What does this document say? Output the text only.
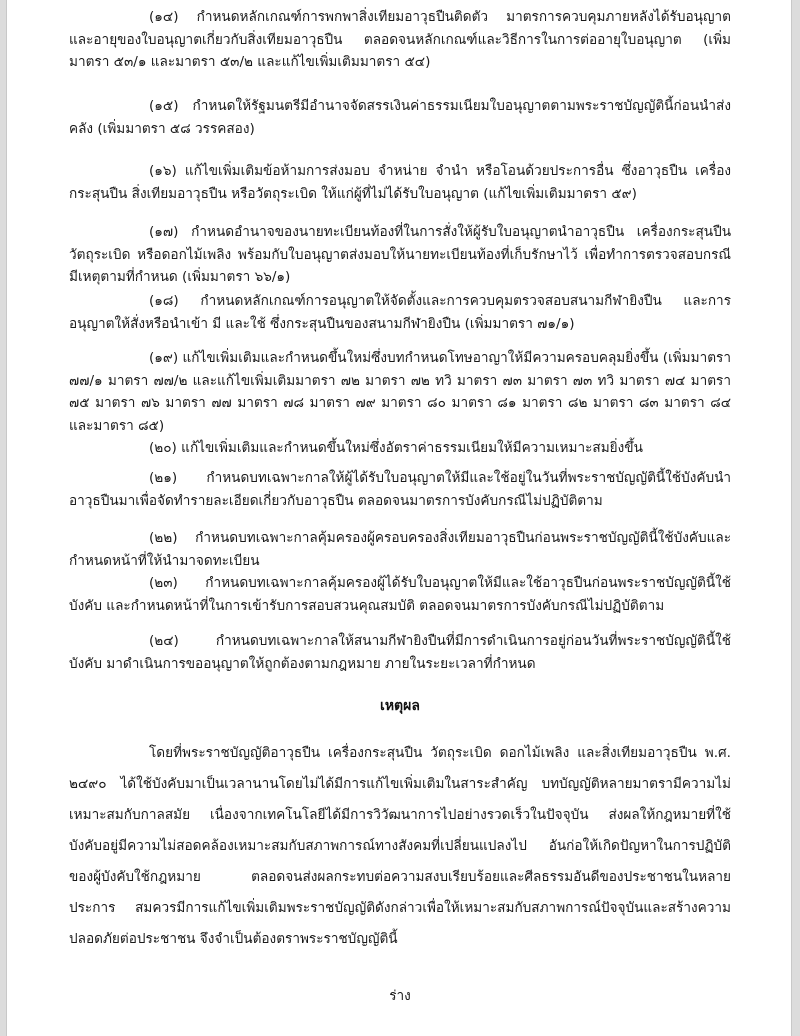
(๑๔) กำหนดหลักเกณฑ์การพกพาสิ่งเทียมอาวุธปืนติดตัว มาตรการควบคุมภายหลังได้รับอนุญาต และอายุของใบอนุญาตเกี่ยวกับสิ่งเทียมอาวุธปืน ตลอดจนหลักเกณฑ์และวิธีการในการต่ออายุใบอนุญาต (เพิ่มมาตรา ๕๓/๑ และมาตรา ๕๓/๒ และแก้ไขเพิ่มเติมมาตรา ๕๔)

(๑๕) กำหนดให้รัฐมนตรีมีอำนาจจัดสรรเงินค่าธรรมเนียมใบอนุญาตตามพระราชบัญญัตินี้ก่อนนำส่งคลัง (เพิ่มมาตรา ๕๘ วรรคสอง)

(๑๖) แก้ไขเพิ่มเติมข้อห้ามการส่งมอบ จำหน่าย จำนำ หรือโอนด้วยประการอื่น ซึ่งอาวุธปืน เครื่องกระสุนปืน สิ่งเทียมอาวุธปืน หรือวัตถุระเบิด ให้แก่ผู้ที่ไม่ได้รับใบอนุญาต (แก้ไขเพิ่มเติมมาตรา ๕๙)

(๑๗) กำหนดอำนาจของนายทะเบียนท้องที่ในการสั่งให้ผู้รับใบอนุญาตนำอาวุธปืน เครื่องกระสุนปืน วัตถุระเบิด หรือดอกไม้เพลิง พร้อมกับใบอนุญาตส่งมอบให้นายทะเบียนท้องที่เก็บรักษาไว้ เพื่อทำการตรวจสอบกรณีมีเหตุตามที่กำหนด (เพิ่มมาตรา ๖๖/๑)

(๑๘) กำหนดหลักเกณฑ์การอนุญาตให้จัดตั้งและการควบคุมตรวจสอบสนามกีฬายิงปืน และการอนุญาตให้สั่งหรือนำเข้า มี และใช้ ซึ่งกระสุนปืนของสนามกีฬายิงปืน (เพิ่มมาตรา ๗๑/๑)

(๑๙) แก้ไขเพิ่มเติมและกำหนดขึ้นใหม่ซึ่งบทกำหนดโทษอาญาให้มีความครอบคลุมยิ่งขึ้น (เพิ่มมาตรา ๗๗/๑ มาตรา ๗๗/๒ และแก้ไขเพิ่มเติมมาตรา ๗๒ มาตรา ๗๒ ทวิ มาตรา ๗๓ มาตรา ๗๓ ทวิ มาตรา ๗๔ มาตรา ๗๕ มาตรา ๗๖ มาตรา ๗๗ มาตรา ๗๘ มาตรา ๗๙ มาตรา ๘๐ มาตรา ๘๑ มาตรา ๘๒ มาตรา ๘๓ มาตรา ๘๔ และมาตรา ๘๕)

(๒๐) แก้ไขเพิ่มเติมและกำหนดขึ้นใหม่ซึ่งอัตราค่าธรรมเนียมให้มีความเหมาะสมยิ่งขึ้น

(๒๑) กำหนดบทเฉพาะกาลให้ผู้ได้รับใบอนุญาตให้มีและใช้อยู่ในวันที่พระราชบัญญัตินี้ใช้บังคับนำอาวุธปืนมาเพื่อจัดทำรายละเอียดเกี่ยวกับอาวุธปืน ตลอดจนมาตรการบังคับกรณีไม่ปฏิบัติตาม

(๒๒) กำหนดบทเฉพาะกาลคุ้มครองผู้ครอบครองสิ่งเทียมอาวุธปืนก่อนพระราชบัญญัตินี้ใช้บังคับและกำหนดหน้าที่ให้นำมาจดทะเบียน

(๒๓) กำหนดบทเฉพาะกาลคุ้มครองผู้ได้รับใบอนุญาตให้มีและใช้อาวุธปืนก่อนพระราชบัญญัตินี้ใช้บังคับ และกำหนดหน้าที่ในการเข้ารับการสอบสวนคุณสมบัติ ตลอดจนมาตรการบังคับกรณีไม่ปฏิบัติตาม

(๒๔) กำหนดบทเฉพาะกาลให้สนามกีฬายิงปืนที่มีการดำเนินการอยู่ก่อนวันที่พระราชบัญญัตินี้ใช้บังคับ มาดำเนินการขออนุญาตให้ถูกต้องตามกฎหมาย ภายในระยะเวลาที่กำหนด

เหตุผล

โดยที่พระราชบัญญัติอาวุธปืน เครื่องกระสุนปืน วัตถุระเบิด ดอกไม้เพลิง และสิ่งเทียมอาวุธปืน พ.ศ. ๒๔๙๐ ได้ใช้บังคับมาเป็นเวลานานโดยไม่ได้มีการแก้ไขเพิ่มเติมในสาระสำคัญ บทบัญญัติหลายมาตรามีความไม่เหมาะสมกับกาลสมัย เนื่องจากเทคโนโลยีได้มีการวิวัฒนาการไปอย่างรวดเร็วในปัจจุบัน ส่งผลให้กฎหมายที่ใช้บังคับอยู่มีความไม่สอดคล้องเหมาะสมกับสภาพการณ์ทางสังคมที่เปลี่ยนแปลงไป อันก่อให้เกิดปัญหาในการปฏิบัติของผู้บังคับใช้กฎหมาย ตลอดจนส่งผลกระทบต่อความสงบเรียบร้อยและศีลธรรมอันดีของประชาชนในหลายประการ สมควรมีการแก้ไขเพิ่มเติมพระราชบัญญัติดังกล่าวเพื่อให้เหมาะสมกับสภาพการณ์ปัจจุบันและสร้างความปลอดภัยต่อประชาชน จึงจำเป็นต้องตราพระราชบัญญัตินี้

ร่าง
